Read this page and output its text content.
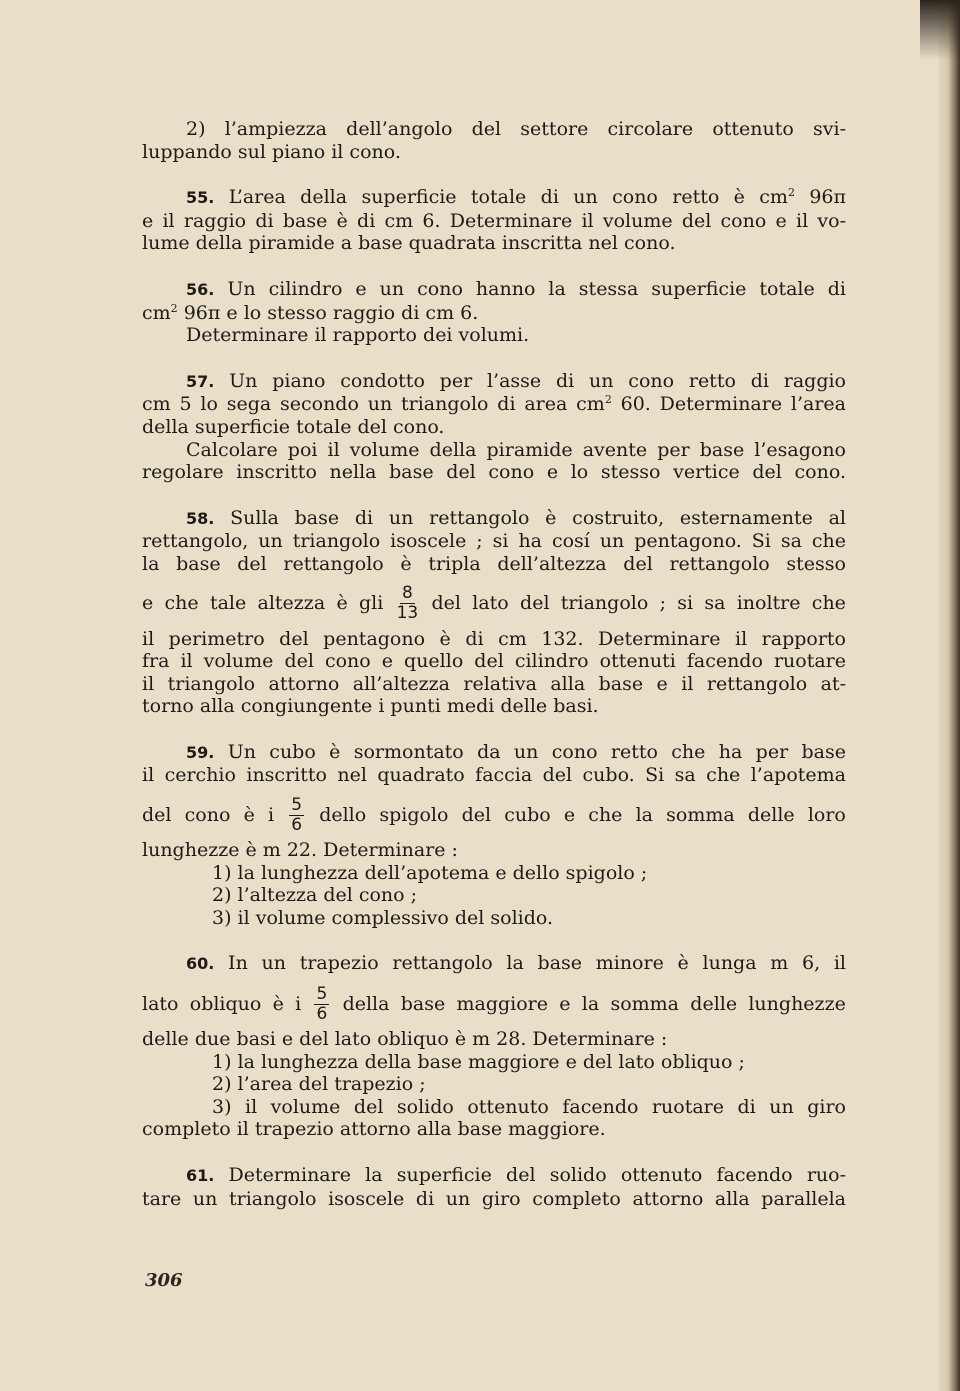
2) l’ampiezza dell’angolo del settore circolare ottenuto svi-
luppando sul piano il cono.
55. L’area della superficie totale di un cono retto è $cm^2$ 96π
e il raggio di base è di cm 6. Determinare il volume del cono e il vo-
lume della piramide a base quadrata inscritta nel cono.
56. Un cilindro e un cono hanno la stessa superficie totale di
$cm^2$ 96π e lo stesso raggio di cm 6.
Determinare il rapporto dei volumi.
57. Un piano condotto per l’asse di un cono retto di raggio
cm 5 lo sega secondo un triangolo di area $cm^2$ 60. Determinare l’area
della superficie totale del cono.
Calcolare poi il volume della piramide avente per base l’esagono
regolare inscritto nella base del cono e lo stesso vertice del cono.
58. Sulla base di un rettangolo è costruito, esternamente al
rettangolo, un triangolo isoscele ; si ha cosí un pentagono. Si sa che
la base del rettangolo è tripla dell’altezza del rettangolo stesso
e che tale altezza è gli $\frac{8}{13}$ del lato del triangolo ; si sa inoltre che
il perimetro del pentagono è di cm 132. Determinare il rapporto
fra il volume del cono e quello del cilindro ottenuti facendo ruotare
il triangolo attorno all’altezza relativa alla base e il rettangolo at-
torno alla congiungente i punti medi delle basi.
59. Un cubo è sormontato da un cono retto che ha per base
il cerchio inscritto nel quadrato faccia del cubo. Si sa che l’apotema
del cono è i $\frac{5}{6}$ dello spigolo del cubo e che la somma delle loro
lunghezze è m 22. Determinare :
1) la lunghezza dell’apotema e dello spigolo ;
2) l’altezza del cono ;
3) il volume complessivo del solido.
60. In un trapezio rettangolo la base minore è lunga m 6, il
lato obliquo è i $\frac{5}{6}$ della base maggiore e la somma delle lunghezze
delle due basi e del lato obliquo è m 28. Determinare :
1) la lunghezza della base maggiore e del lato obliquo ;
2) l’area del trapezio ;
3) il volume del solido ottenuto facendo ruotare di un giro
completo il trapezio attorno alla base maggiore.
61. Determinare la superficie del solido ottenuto facendo ruo-
tare un triangolo isoscele di un giro completo attorno alla parallela
306
